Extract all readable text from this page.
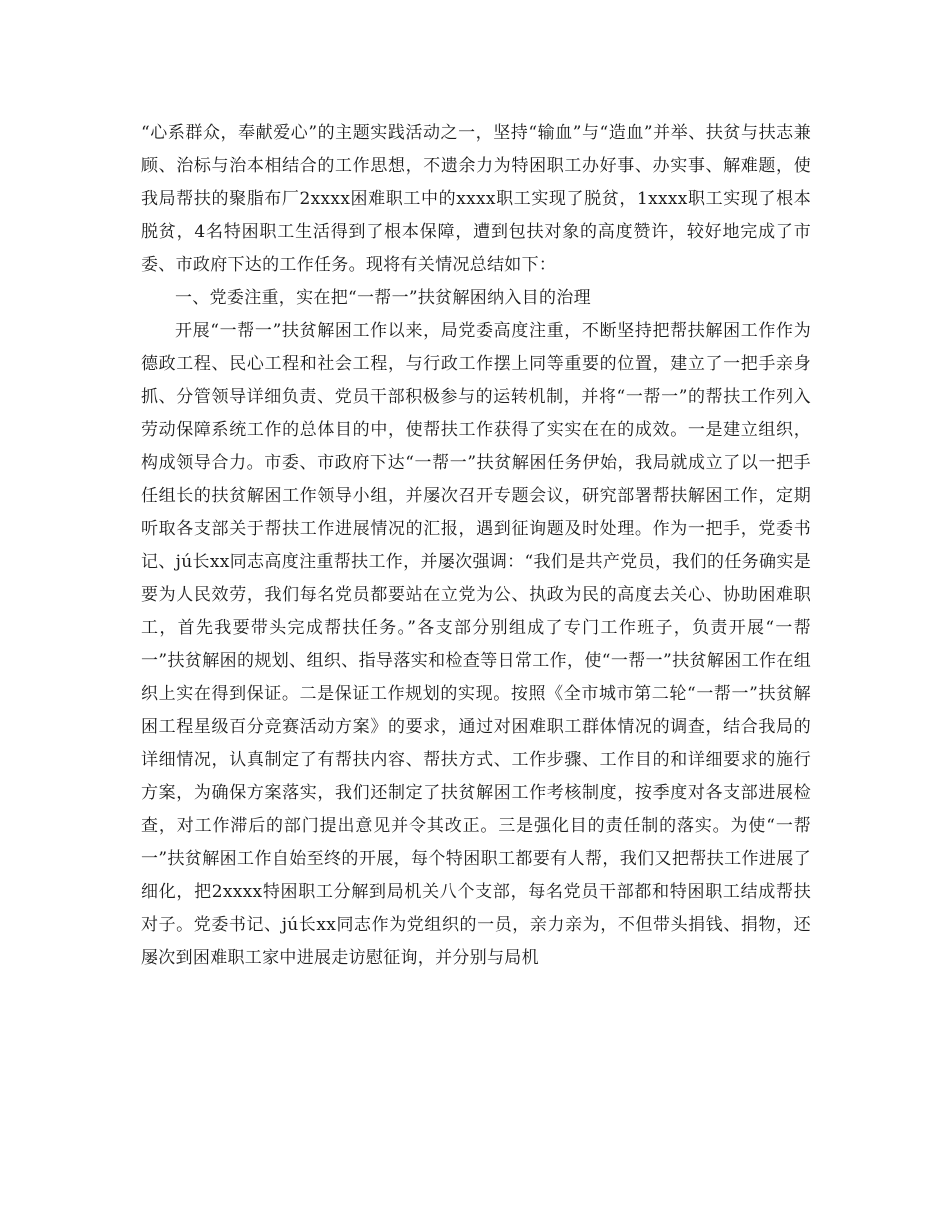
“心系群众，奉献爱心”的主题实践活动之一，坚持“输血”与“造血”并举、扶贫与扶志兼顾、治标与治本相结合的工作思想，不遗余力为特困职工办好事、办实事、解难题，使我局帮扶的聚脂布厂2xxxx困难职工中的xxxx职工实现了脱贫，1xxxx职工实现了根本脱贫，4名特困职工生活得到了根本保障，遭到包扶对象的高度赞许，较好地完成了市委、市政府下达的工作任务。现将有关情况总结如下：

一、党委注重，实在把“一帮一”扶贫解困纳入目的治理

开展“一帮一”扶贫解困工作以来，局党委高度注重，不断坚持把帮扶解困工作作为德政工程、民心工程和社会工程，与行政工作摆上同等重要的位置，建立了一把手亲身抓、分管领导详细负责、党员干部积极参与的运转机制，并将“一帮一”的帮扶工作列入劳动保障系统工作的总体目的中，使帮扶工作获得了实实在在的成效。一是建立组织，构成领导合力。市委、市政府下达“一帮一”扶贫解困任务伊始，我局就成立了以一把手任组长的扶贫解困工作领导小组，并屡次召开专题会议，研究部署帮扶解困工作，定期听取各支部关于帮扶工作进展情况的汇报，遇到征询题及时处理。作为一把手，党委书记、jú长xx同志高度注重帮扶工作，并屡次强调：“我们是共产党员，我们的任务确实是要为人民效劳，我们每名党员都要站在立党为公、执政为民的高度去关心、协助困难职工，首先我要带头完成帮扶任务。”各支部分别组成了专门工作班子，负责开展“一帮一”扶贫解困的规划、组织、指导落实和检查等日常工作，使“一帮一”扶贫解困工作在组织上实在得到保证。二是保证工作规划的实现。按照《全市城市第二轮“一帮一”扶贫解困工程星级百分竞赛活动方案》的要求，通过对困难职工群体情况的调查，结合我局的详细情况，认真制定了有帮扶内容、帮扶方式、工作步骤、工作目的和详细要求的施行方案，为确保方案落实，我们还制定了扶贫解困工作考核制度，按季度对各支部进展检查，对工作滞后的部门提出意见并令其改正。三是强化目的责任制的落实。为使“一帮一”扶贫解困工作自始至终的开展，每个特困职工都要有人帮，我们又把帮扶工作进展了细化，把2xxxx特困职工分解到局机关八个支部，每名党员干部都和特困职工结成帮扶对子。党委书记、jú长xx同志作为党组织的一员，亲力亲为，不但带头捐钱、捐物，还屡次到困难职工家中进展走访慰征询，并分别与局机
